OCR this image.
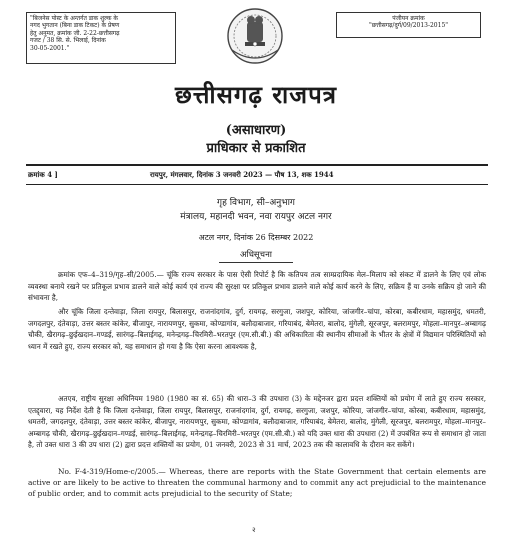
"बिजनेस पोस्ट के अन्तर्गत डाक शुल्क के
नगद भुगतान (बिना डाक टिकट) के प्रेषण
हेतु अनुमत, क्रमांक जी. 2-22-छत्तीसगढ़
गजट / 38 सि. से. भिलाई, दिनांक
30-05-2001."
पंजीयन क्रमांक
"छत्तीसगढ़/दुर्ग/09/2013-2015"
छत्तीसगढ़ राजपत्र
(असाधारण)
प्राधिकार से प्रकाशित
क्रमांक 4 ]	रायपुर, मंगलवार, दिनांक 3 जनवरी 2023 — पौष 13, शक 1944
गृह विभाग, सी–अनुभाग
मंत्रालय, महानदी भवन, नवा रायपुर अटल नगर
अटल नगर, दिनांक 26 दिसम्बर 2022
अधिसूचना

क्रमांक एफ–4–319/गृह–सी/2005.— चूंकि राज्य सरकार के पास ऐसी रिपोर्ट है कि कतिपय तत्व साम्प्रदायिक मेल–मिलाप को संकट में डालने के लिए एवं लोक व्यवस्था बनाये रखने पर प्रतिकूल प्रभाव डालने वाले कोई कार्य एवं राज्य की सुरक्षा पर प्रतिकूल प्रभाव डालने वाले कोई कार्य करने के लिए, सक्रिय हैं या उनके सक्रिय हो जाने की संभावना है,

और चूंकि जिला दन्तेवाड़ा, जिला रायपुर, बिलासपुर, राजनांदगांव, दुर्ग, रायगढ़, सरगुजा, जशपुर, कोरिया, जांजगीर–चांपा, कोरबा, कबीरधाम, महासमुंद, धमतरी, जगदलपुर, दंतेवाड़ा, उत्तर बस्तर कांकेर, बीजापुर, नारायणपुर, सुकमा, कोण्डागांव, बलौदाबाजार, गरियाबंद, बेमेतरा, बालोद, मुंगेली, सूरजपुर, बलरामपुर, मोहला–मानपुर–अम्बागढ़ चौकी, खैरागढ़–छुईखदान–गण्डई, सारंगढ़–बिलाईगढ़, मनेन्द्रगढ़–चिरमिरी–भरतपुर (एम.सी.बी.) की अधिकारिता की स्थानीय सीमाओं के भीतर के क्षेत्रों में विद्यमान परिस्थितियों को ध्यान में रखते हुए, राज्य सरकार को, यह समाधान हो गया है कि ऐसा करना आवश्यक है,

अतएव, राष्ट्रीय सुरक्षा अधिनियम 1980 (1980 का सं. 65) की धारा–3 की उपधारा (3) के मद्देनजर द्वारा प्रदत्त शक्तियों को प्रयोग में लाते हुए राज्य सरकार, एतद्द्वारा, यह निर्देश देती है कि जिला दन्तेवाड़ा, जिला रायपुर, बिलासपुर, राजनांदगांव, दुर्ग, रायगढ़, सरगुजा, जशपुर, कोरिया, जांजगीर–चांपा, कोरबा, कबीरधाम, महासमुंद, धमतरी, जगदलपुर, दंतेवाड़ा, उत्तर बस्तर कांकेर, बीजापुर, नारायणपुर, सुकमा, कोण्डागांव, बलौदाबाजार, गरियाबंद, बेमेतरा, बालोद, मुंगेली, सूरजपुर, बलरामपुर, मोहला–मानपुर–अम्बागढ़ चौकी, खैरागढ़–छुईखदान–गण्डई, सारंगढ़–बिलाईगढ़, मनेन्द्रगढ़–चिरमिरी–भरतपुर (एम.सी.बी.) को यदि उक्त धारा की उपधारा (2) में उपबंधित रूप से समाधान हो जाता है, तो उक्त धारा 3 की उप धारा (2) द्वारा प्रदत्त शक्तियों का प्रयोग, 01 जनवरी, 2023 से 31 मार्च, 2023 तक की कालावधि के दौरान कर सकेंगे।

No. F-4-319/Home-c/2005.— Whereas, there are reports with the State Government that certain elements are active or are likely to be active to threaten the communal harmony and to commit any act prejudicial to the maintenance of public order, and to commit acts prejudicial to the security of State;

२
